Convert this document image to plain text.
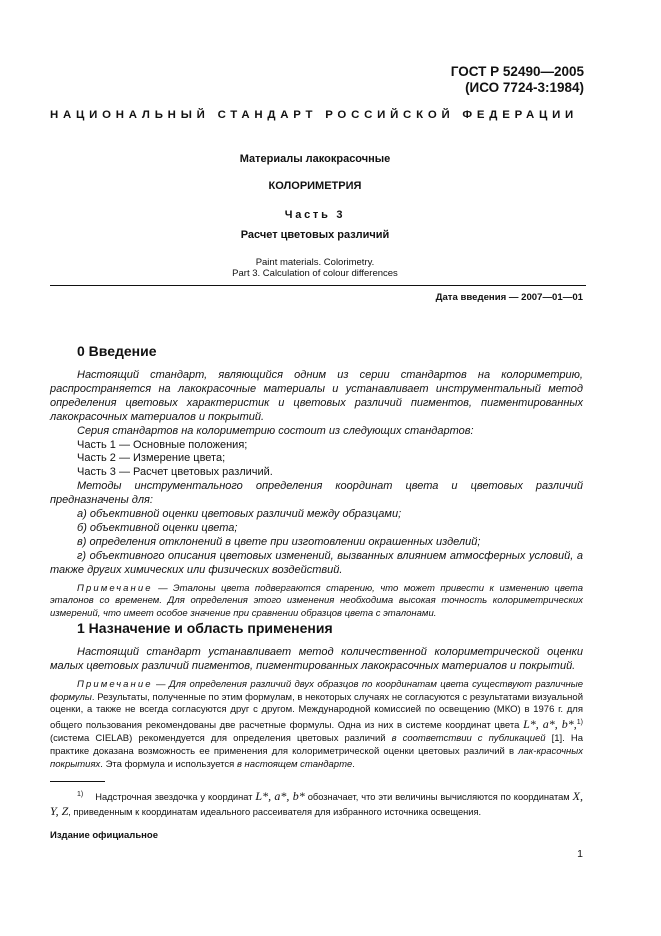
ГОСТ Р 52490—2005
(ИСО 7724-3:1984)
НАЦИОНАЛЬНЫЙ СТАНДАРТ РОССИЙСКОЙ ФЕДЕРАЦИИ
Материалы лакокрасочные
КОЛОРИМЕТРИЯ
Часть 3
Расчет цветовых различий
Paint materials. Colorimetry.
Part 3. Calculation of colour differences
Дата введения — 2007—01—01
0 Введение

Настоящий стандарт, являющийся одним из серии стандартов на колориметрию, распространяется на лакокрасочные материалы и устанавливает инструментальный метод определения цветовых характеристик и цветовых различий пигментов, пигментированных лакокрасочных материалов и покрытий.

Серия стандартов на колориметрию состоит из следующих стандартов:

Часть 1 — Основные положения;

Часть 2 — Измерение цвета;

Часть 3 — Расчет цветовых различий.

Методы инструментального определения координат цвета и цветовых различий предназначены для:

а) объективной оценки цветовых различий между образцами;

б) объективной оценки цвета;

в) определения отклонений в цвете при изготовлении окрашенных изделий;

г) объективного описания цветовых изменений, вызванных влиянием атмосферных условий, а также других химических или физических воздействий.

Примечание — Эталоны цвета подвергаются старению, что может привести к изменению цвета эталонов со временем. Для определения этого изменения необходима высокая точность колориметрических измерений, что имеет особое значение при сравнении образцов цвета с эталонами.

1 Назначение и область применения

Настоящий стандарт устанавливает метод количественной колориметрической оценки малых цветовых различий пигментов, пигментированных лакокрасочных материалов и покрытий.

Примечание — Для определения различий двух образцов по координатам цвета существуют различные формулы. Результаты, полученные по этим формулам, в некоторых случаях не согласуются с результатами визуальной оценки, а также не всегда согласуются друг с другом. Международной комиссией по освещению (МКО) в 1976 г. для общего пользования рекомендованы две расчетные формулы. Одна из них в системе координат цвета L*, a*, b*,$^{1)}$ (система CIELAB) рекомендуется для определения цветовых различий в соответствии с публикацией [1]. На практике доказана возможность ее применения для колориметрической оценки цветовых различий в лак-красочных покрытиях. Эта формула и используется в настоящем стандарте.

$^{1)}$ Надстрочная звездочка у координат L*, a*, b* обозначает, что эти величины вычисляются по координатам X, Y, Z, приведенным к координатам идеального рассеивателя для избранного источника освещения.

Издание официальное
1
